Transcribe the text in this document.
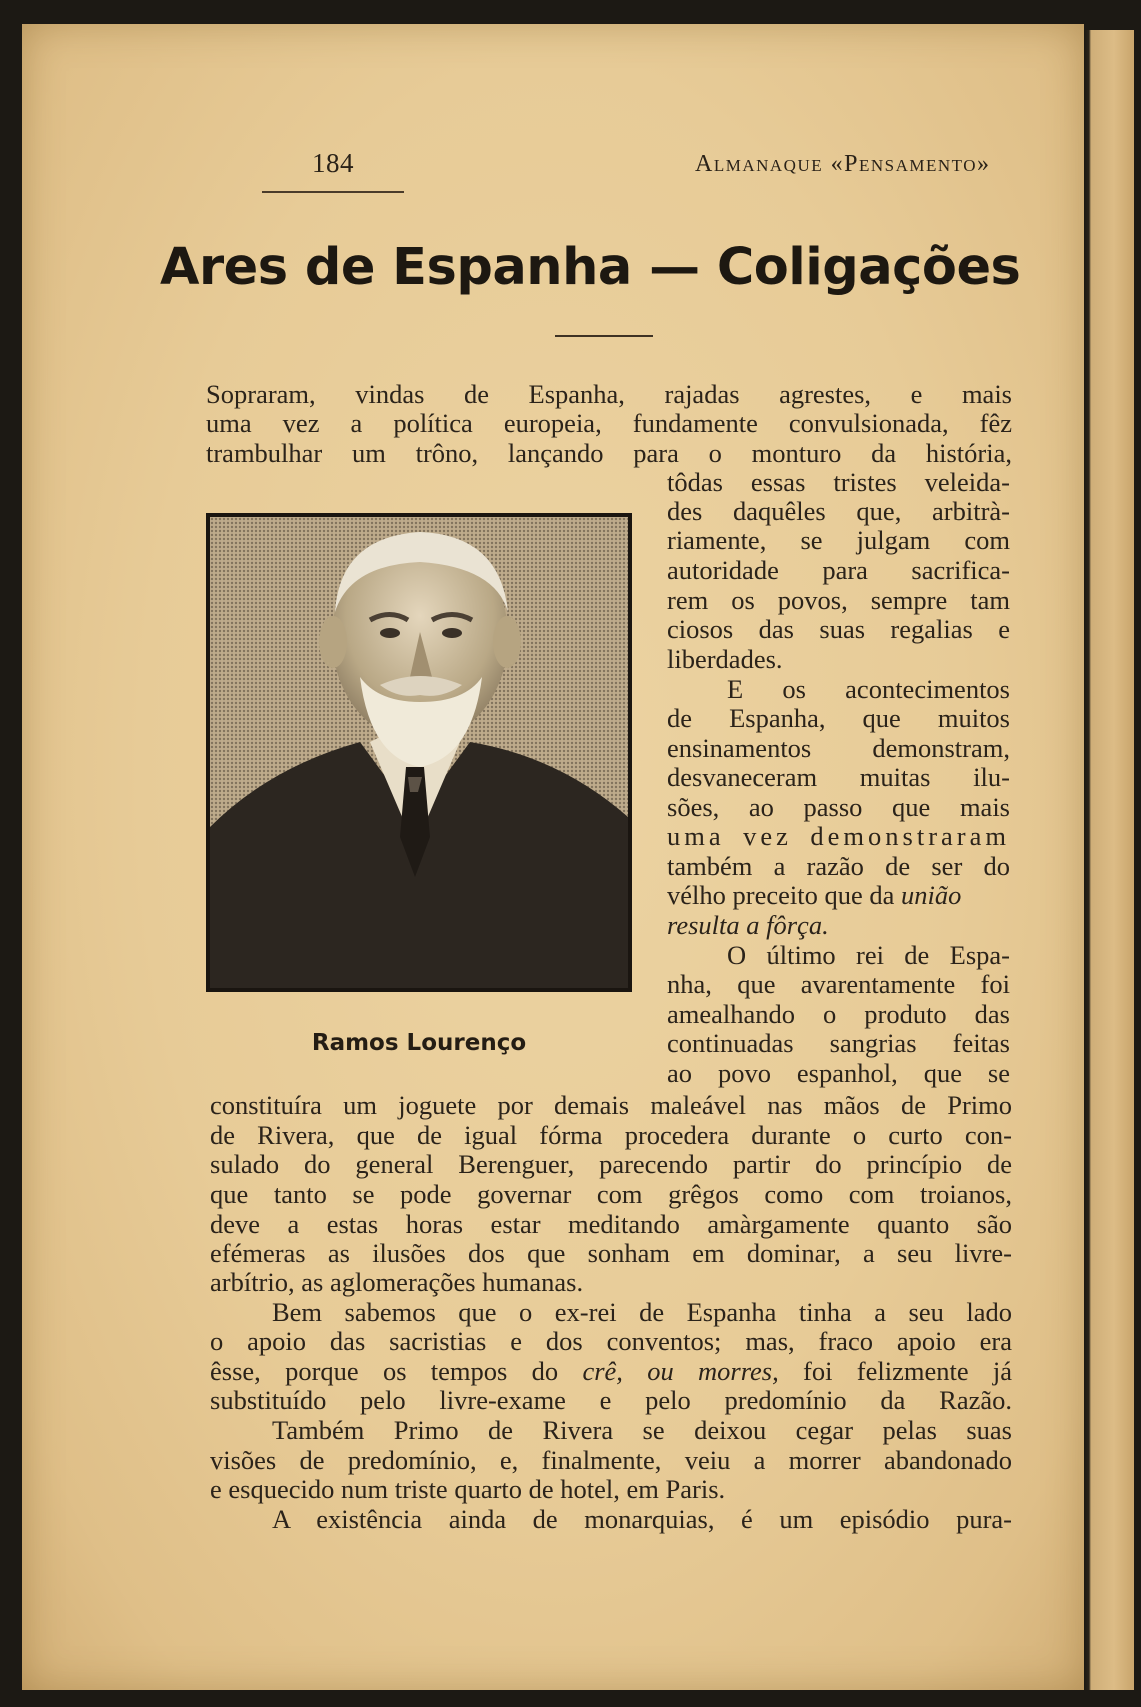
184	Almanaque «Pensamento»
Ares de Espanha — Coligações
Sopraram, vindas de Espanha, rajadas agrestes, e mais
uma vez a política europeia, fundamente convulsionada, fêz
trambulhar um trôno, lançando para o monturo da história,
tôdas essas tristes veleida-
des daquêles que, arbitrà-
riamente, se julgam com
autoridade para sacrifica-
rem os povos, sempre tam
ciosos das suas regalias e
liberdades.
E os acontecimentos
de Espanha, que muitos
ensinamentos demonstram,
desvaneceram muitas ilu-
sões, ao passo que mais
uma vez demonstraram
também a razão de ser do
vélho preceito que da união
resulta a fôrça.
O último rei de Espa-
nha, que avarentamente foi
amealhando o produto das
continuadas sangrias feitas
ao povo espanhol, que se
Ramos Lourenço
constituíra um joguete por demais maleável nas mãos de Primo
de Rivera, que de igual fórma procedera durante o curto con-
sulado do general Berenguer, parecendo partir do princípio de
que tanto se pode governar com grêgos como com troianos,
deve a estas horas estar meditando amàrgamente quanto são
efémeras as ilusões dos que sonham em dominar, a seu livre-
arbítrio, as aglomerações humanas.
Bem sabemos que o ex-rei de Espanha tinha a seu lado
o apoio das sacristias e dos conventos; mas, fraco apoio era
êsse, porque os tempos do crê, ou morres, foi felizmente já
substituído pelo livre-exame e pelo predomínio da Razão.
Também Primo de Rivera se deixou cegar pelas suas
visões de predomínio, e, finalmente, veiu a morrer abandonado
e esquecido num triste quarto de hotel, em Paris.
A existência ainda de monarquias, é um episódio pura-
